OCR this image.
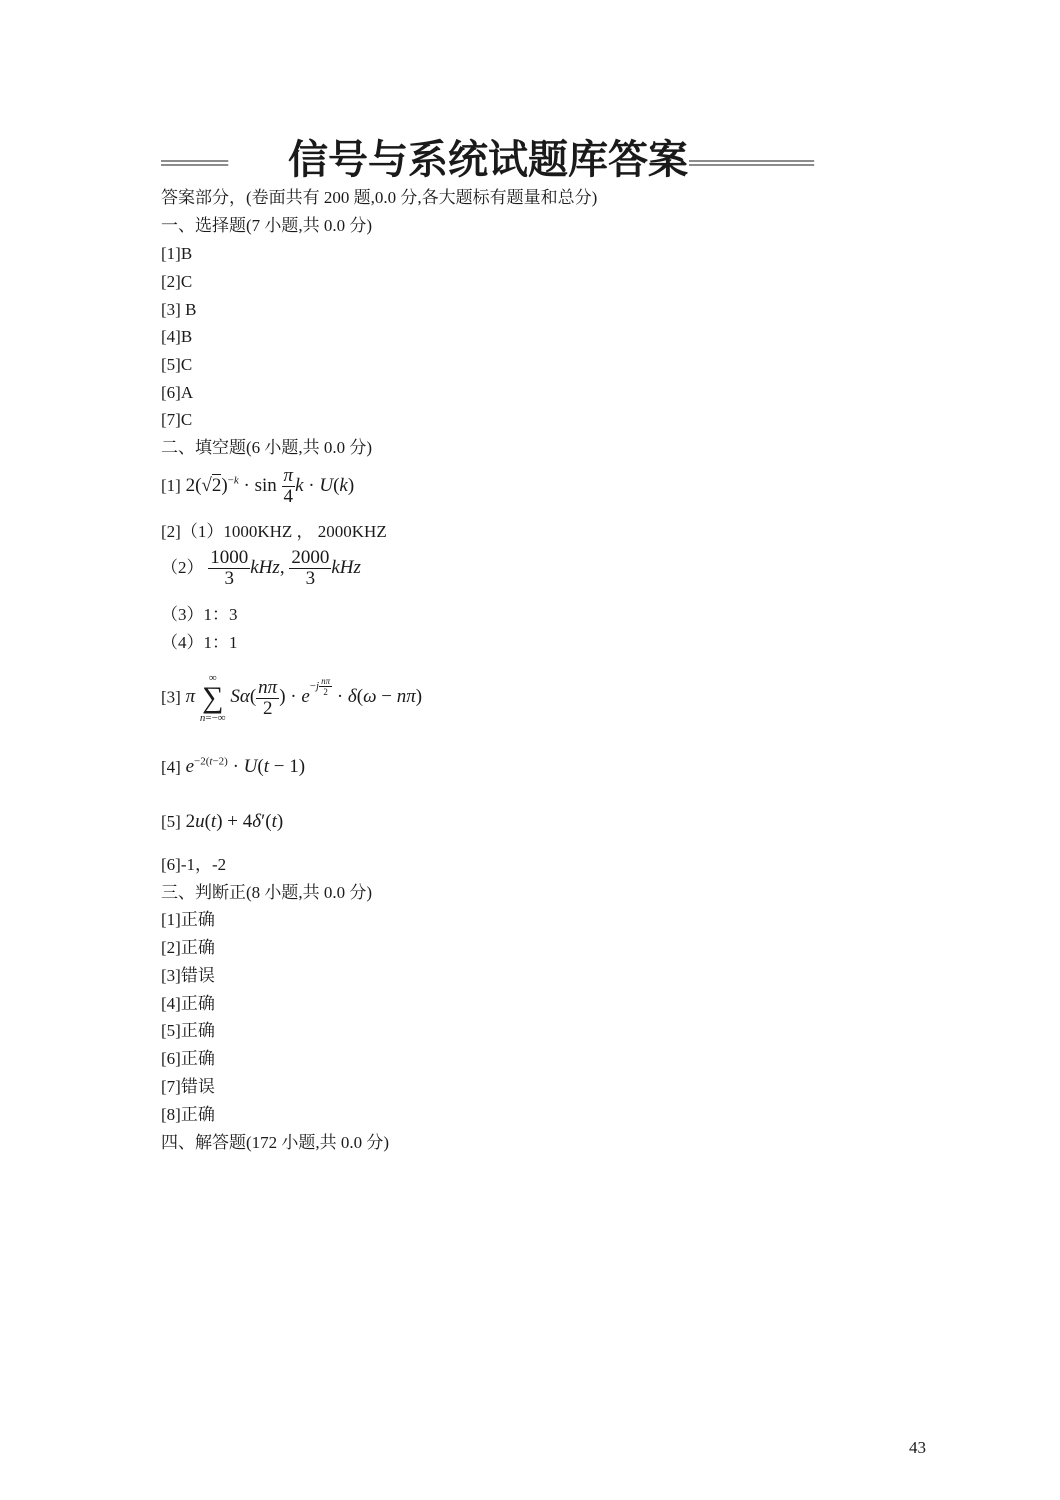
========	信号与系统试题库答案 ===============
答案部分，(卷面共有 200 题,0.0 分,各大题标有题量和总分)
一、选择题(7 小题,共 0.0 分)
[1]B
[2]C
[3] B
[4]B
[5]C
[6]A
[7]C
二、填空题(6 小题,共 0.0 分)
[1] $2(√2)^{-k} \cdot \sin \frac{\pi}{4}$ k · U(k)
[2]（1）1000KHZ ， 2000KHZ
$(2) \frac{1000}{3}$ kHz, $\frac{2000}{3}$ kHz
（3）1：3
（4）1：1
[3] π ∞
∑
n=−∞ $S\alpha( \frac{n\pi}{2}$ ) · $e^{-j \frac{n\pi}{2}} \cdot \delta(\omega - n\pi)$
[4] $e^{-2(t-2)} \cdot U(t - 1)$
[5] 2u(t) + 4δ′(t)
[6]-1，-2
三、判断正(8 小题,共 0.0 分)
[1]正确
[2]正确
[3]错误
[4]正确
[5]正确
[6]正确
[7]错误
[8]正确
四、解答题(172 小题,共 0.0 分)
43
